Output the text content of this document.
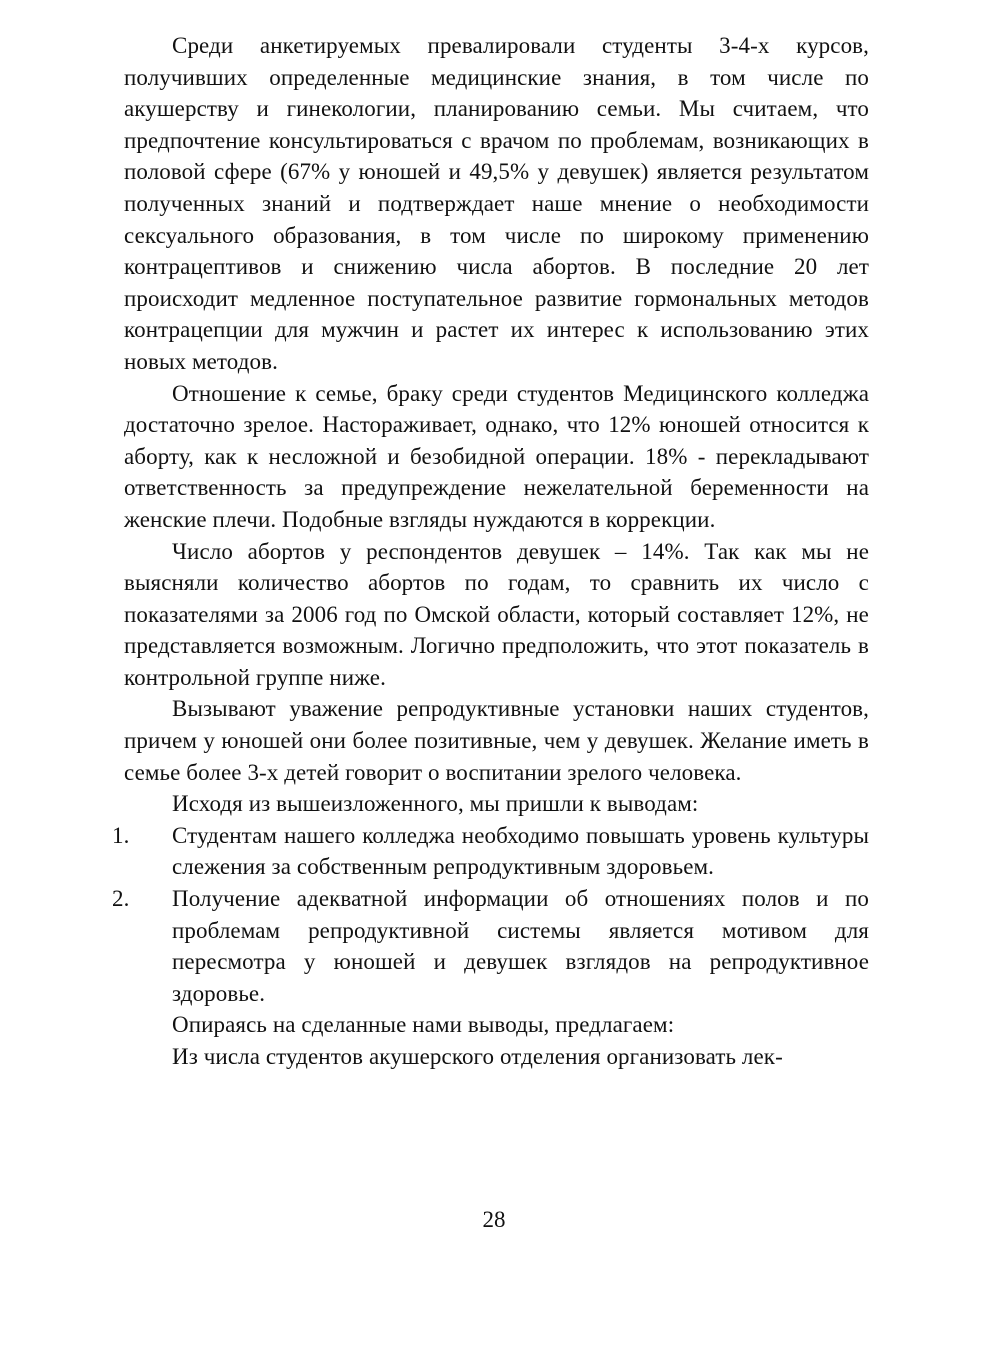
Среди анкетируемых превалировали студенты 3-4-х курсов, получивших определенные медицинские знания, в том числе по акушерству и гинекологии, планированию семьи. Мы считаем, что предпочтение консультироваться с врачом по проблемам, возникающих в половой сфере (67% у юношей и 49,5% у девушек) является результатом полученных знаний и подтверждает наше мнение о необходимости сексуального образования, в том числе по широкому применению контрацептивов и снижению числа абортов. В последние 20 лет происходит медленное поступательное развитие гормональных методов контрацепции для мужчин и растет их интерес к использованию этих новых методов.

Отношение к семье, браку среди студентов Медицинского колледжа достаточно зрелое. Настораживает, однако, что 12% юношей относится к аборту, как к несложной и безобидной операции. 18% - перекладывают ответственность за предупреждение нежелательной беременности на женские плечи. Подобные взгляды нуждаются в коррекции.

Число абортов у респондентов девушек – 14%. Так как мы не выясняли количество абортов по годам, то сравнить их число с показателями за 2006 год по Омской области, который составляет 12%, не представляется возможным. Логично предположить, что этот показатель в контрольной группе ниже.

Вызывают уважение репродуктивные установки наших студентов, причем у юношей они более позитивные, чем у девушек. Желание иметь в семье более 3-х детей говорит о воспитании зрелого человека.

Исходя из вышеизложенного, мы пришли к выводам:

1. Студентам нашего колледжа необходимо повышать уровень культуры слежения за собственным репродуктивным здоровьем.
2. Получение адекватной информации об отношениях полов и по проблемам репродуктивной системы является мотивом для пересмотра у юношей и девушек взглядов на репродуктивное здоровье.

Опираясь на сделанные нами выводы, предлагаем:

Из числа студентов акушерского отделения организовать лек-

28
